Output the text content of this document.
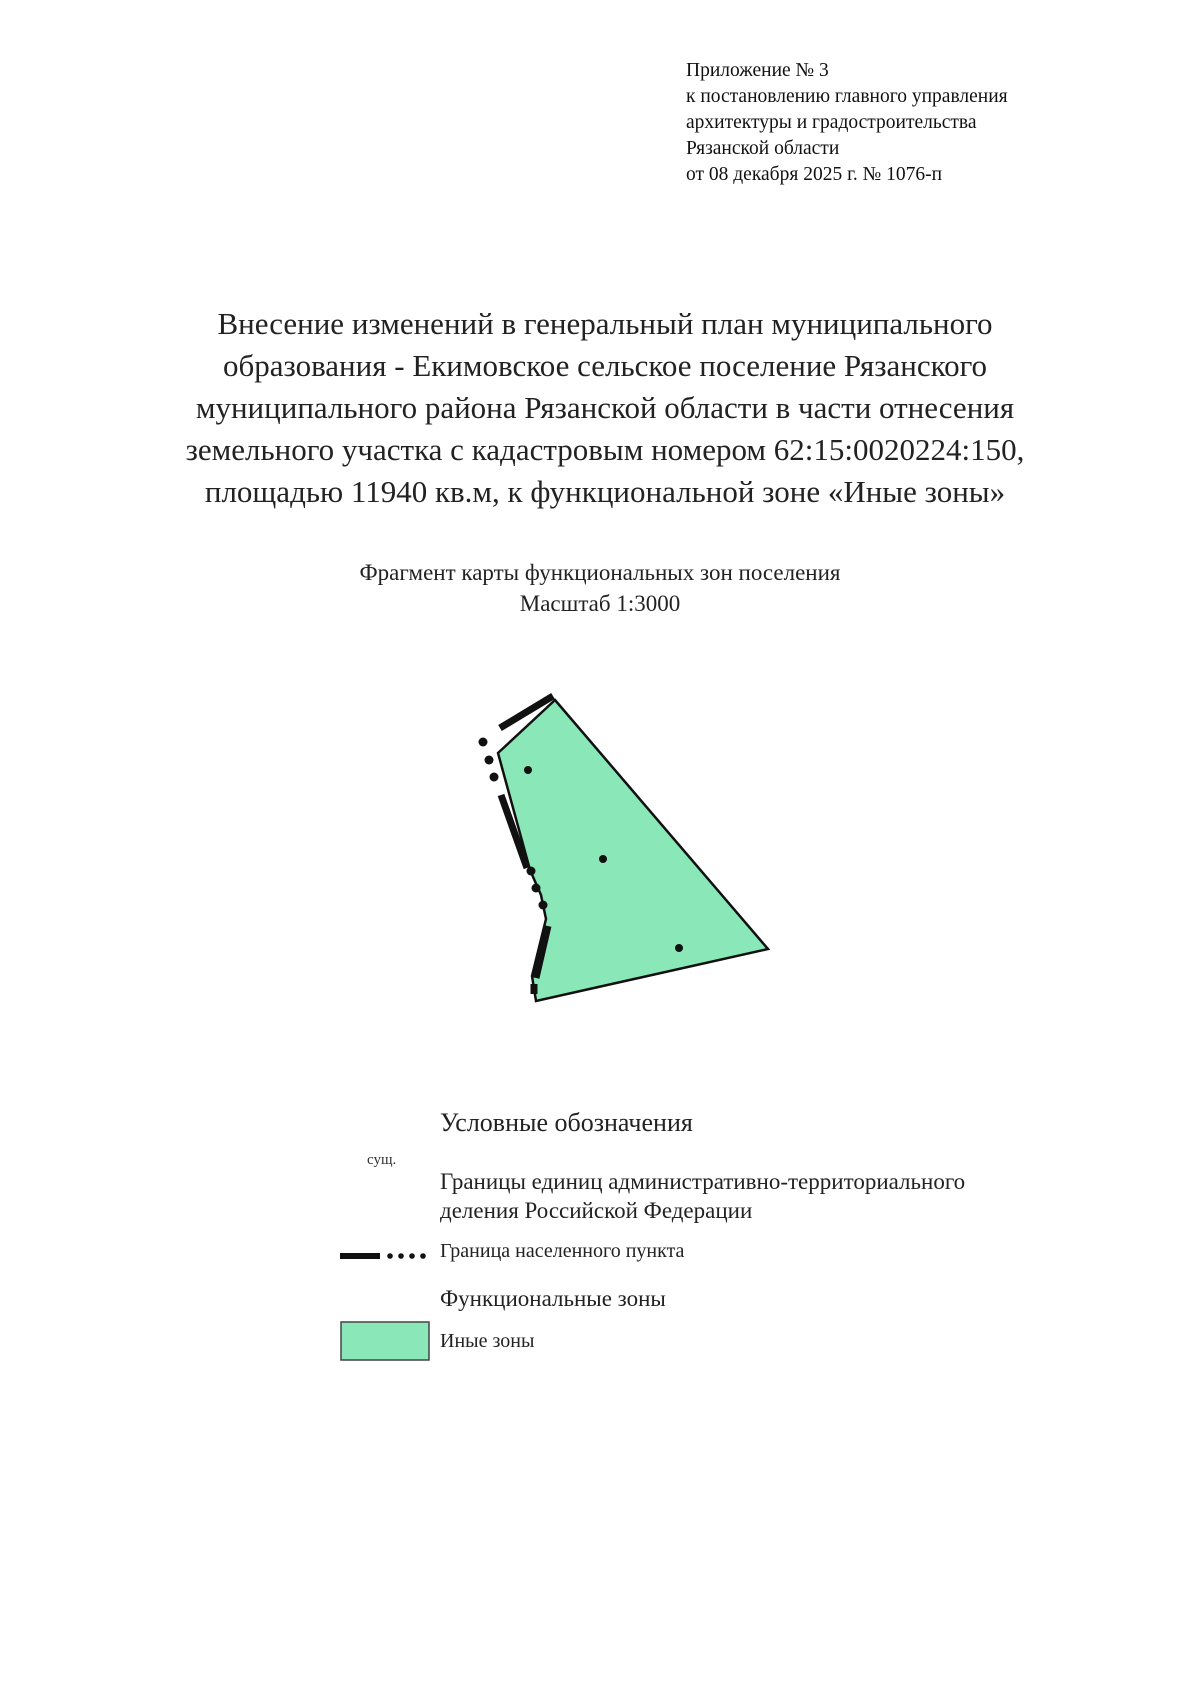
Приложение № 3
к постановлению главного управления
архитектуры и градостроительства
Рязанской области
от 08 декабря 2025 г. № 1076-п
Внесение изменений в генеральный план муниципального
образования - Екимовское сельское поселение Рязанского
муниципального района Рязанской области в части отнесения
земельного участка с кадастровым номером 62:15:0020224:150,
площадью 11940 кв.м, к функциональной зоне «Иные зоны»
Фрагмент карты функциональных зон поселения
Масштаб 1:3000
Условные обозначения
сущ.
Границы единиц административно-территориального
деления Российской Федерации
Граница населенного пункта
Функциональные зоны
Иные зоны
